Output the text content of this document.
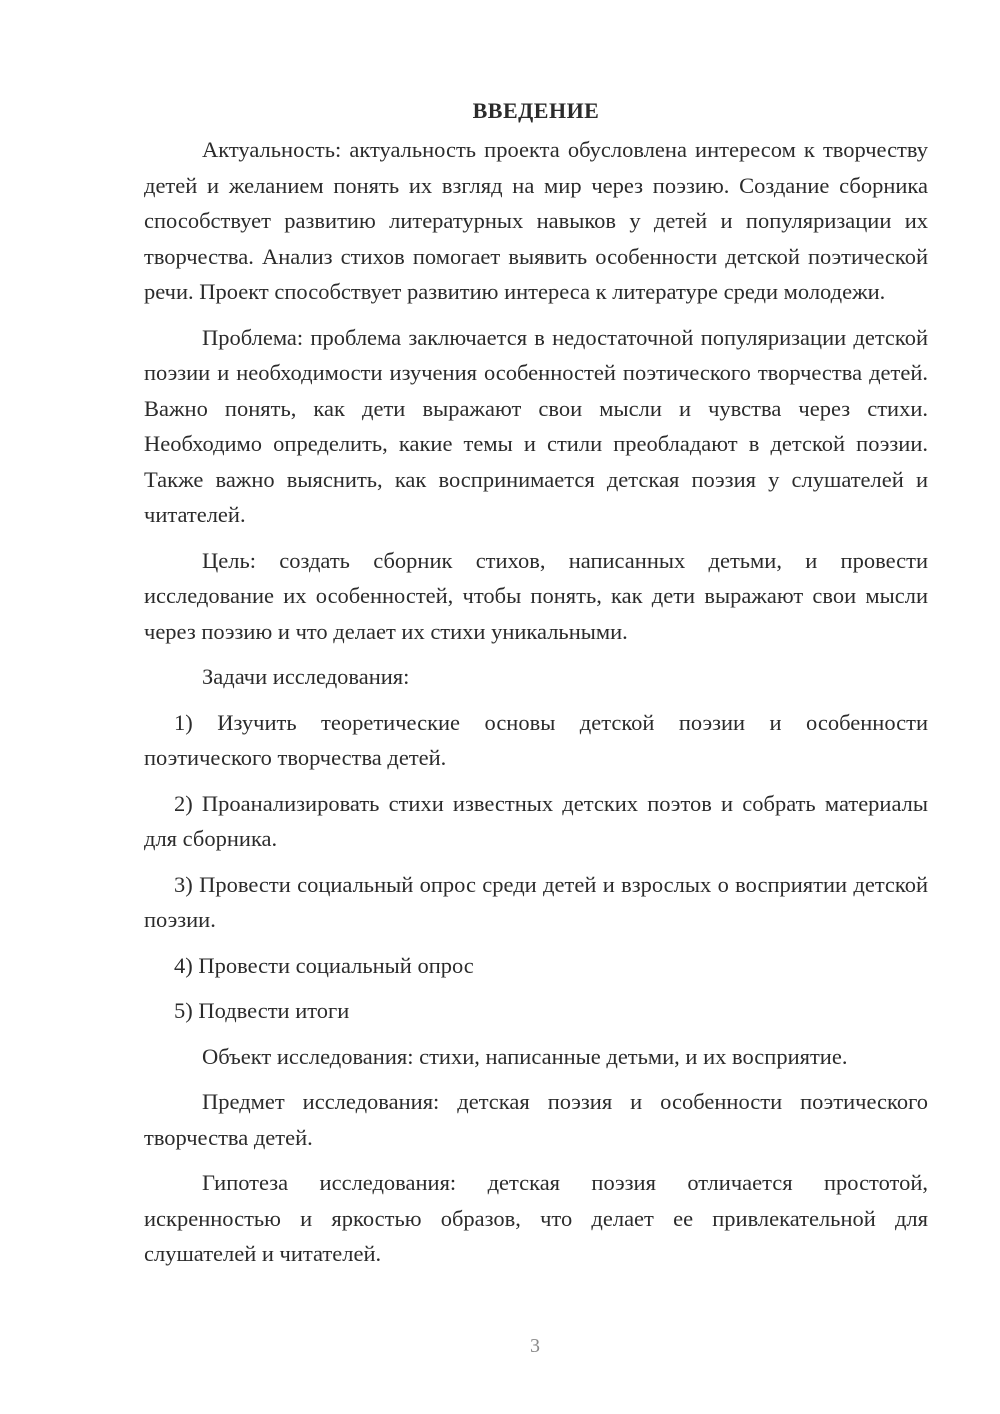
ВВЕДЕНИЕ

Актуальность: актуальность проекта обусловлена интересом к творчеству детей и желанием понять их взгляд на мир через поэзию. Создание сборника способствует развитию литературных навыков у детей и популяризации их творчества. Анализ стихов помогает выявить особенности детской поэтической речи. Проект способствует развитию интереса к литературе среди молодежи.

Проблема: проблема заключается в недостаточной популяризации детской поэзии и необходимости изучения особенностей поэтического творчества детей. Важно понять, как дети выражают свои мысли и чувства через стихи. Необходимо определить, какие темы и стили преобладают в детской поэзии. Также важно выяснить, как воспринимается детская поэзия у слушателей и читателей.

Цель: создать сборник стихов, написанных детьми, и провести исследование их особенностей, чтобы понять, как дети выражают свои мысли через поэзию и что делает их стихи уникальными.

Задачи исследования:

1) Изучить теоретические основы детской поэзии и особенности поэтического творчества детей.

2) Проанализировать стихи известных детских поэтов и собрать материалы для сборника.

3) Провести социальный опрос среди детей и взрослых о восприятии детской поэзии.

4) Провести социальный опрос

5) Подвести итоги

Объект исследования: стихи, написанные детьми, и их восприятие.

Предмет исследования: детская поэзия и особенности поэтического творчества детей.

Гипотеза исследования: детская поэзия отличается простотой, искренностью и яркостью образов, что делает ее привлекательной для слушателей и читателей.

3
